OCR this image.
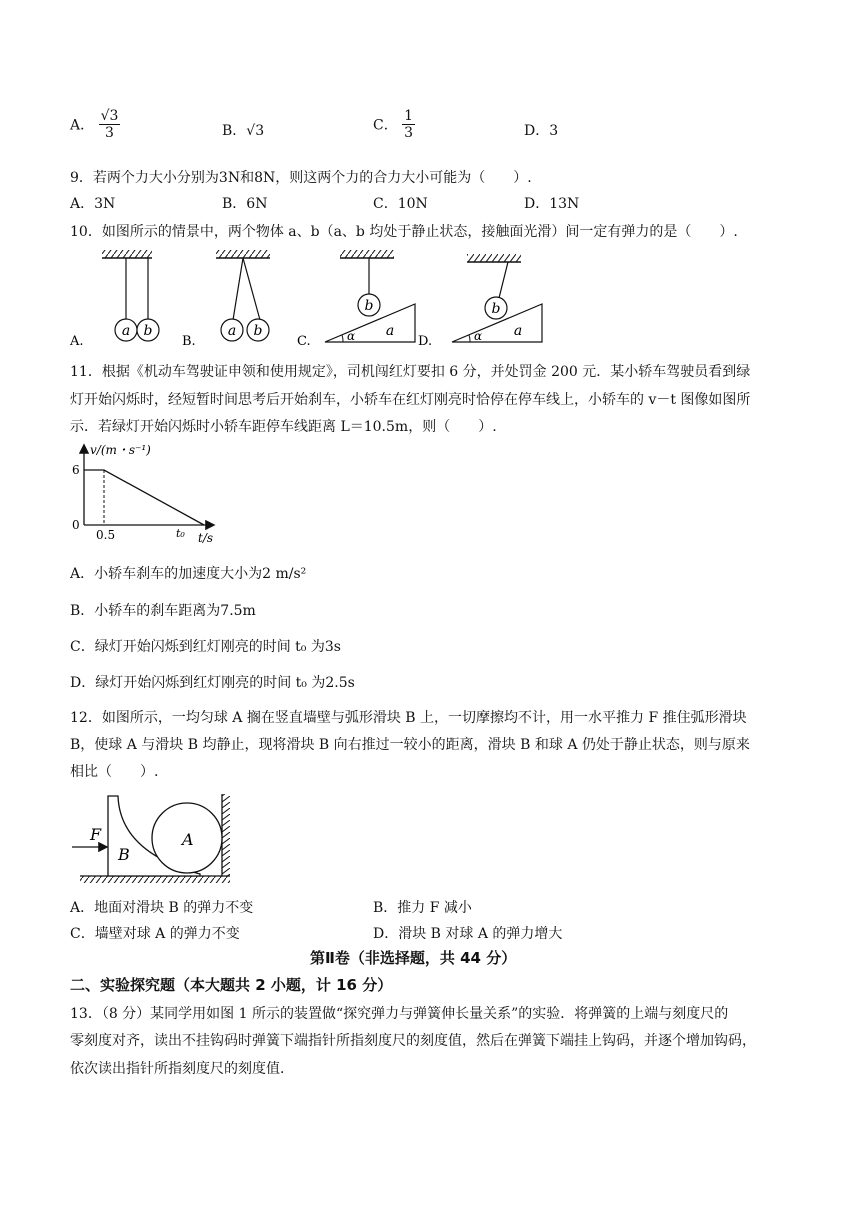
A． $\frac{√3}{3}$	B．√3	C． $\frac{1}{3}$	D．3
9．若两个力大小分别为3N和8N，则这两个力的合力大小可能为（　　）.
A．3N	B．6N	C．10N	D．13N
10．如图所示的情景中，两个物体 a、b（a、b 均处于静止状态，接触面光滑）间一定有弹力的是（　　）.
a b
A.
a b
B.
b
a
α
C.
b
a
α
D.
11．根据《机动车驾驶证申领和使用规定》，司机闯红灯要扣 6 分，并处罚金 200 元．某小轿车驾驶员看到绿
灯开始闪烁时，经短暂时间思考后开始刹车，小轿车在红灯刚亮时恰停在停车线上，小轿车的 v－t 图像如图所
示．若绿灯开始闪烁时小轿车距停车线距离 L＝10.5m，则（　　）.
v/(m・s⁻¹)
t/s
6
0
0.5	t₀
A．小轿车刹车的加速度大小为2 m/s²
B．小轿车的刹车距离为7.5m
C．绿灯开始闪烁到红灯刚亮的时间 t₀ 为3s
D．绿灯开始闪烁到红灯刚亮的时间 t₀ 为2.5s
12．如图所示，一均匀球 A 搁在竖直墙壁与弧形滑块 B 上，一切摩擦均不计，用一水平推力 F 推住弧形滑块
B，使球 A 与滑块 B 均静止，现将滑块 B 向右推过一较小的距离，滑块 B 和球 A 仍处于静止状态，则与原来
相比（　　）.
A
B
F
A．地面对滑块 B 的弹力不变	B．推力 F 减小
C．墙壁对球 A 的弹力不变	D．滑块 B 对球 A 的弹力增大
第Ⅱ卷（非选择题，共 44 分）
二、实验探究题（本大题共 2 小题，计 16 分）
13．（8 分）某同学用如图 1 所示的装置做“探究弹力与弹簧伸长量关系”的实验．将弹簧的上端与刻度尺的
零刻度对齐，读出不挂钩码时弹簧下端指针所指刻度尺的刻度值，然后在弹簧下端挂上钩码，并逐个增加钩码，
依次读出指针所指刻度尺的刻度值．
